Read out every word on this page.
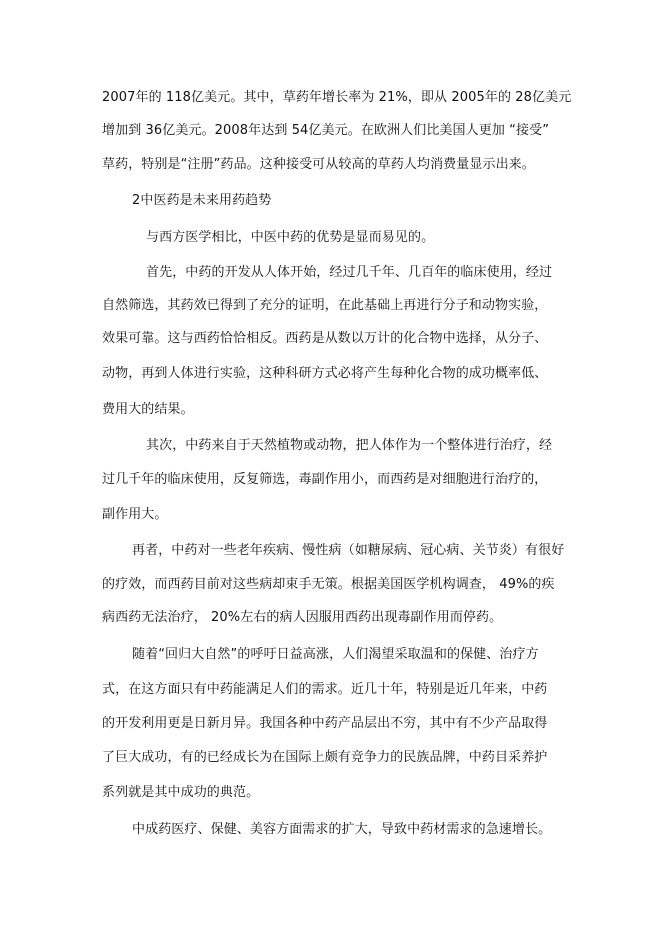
2007年的 118亿美元。其中，草药年增长率为 21%，即从 2005年的 28亿美元
增加到 36亿美元。2008年达到 54亿美元。在欧洲人们比美国人更加 “接受”
草药，特别是“注册”药品。这种接受可从较高的草药人均消费量显示出来。
2中医药是未来用药趋势
与西方医学相比，中医中药的优势是显而易见的。
首先，中药的开发从人体开始，经过几千年、几百年的临床使用，经过
自然筛选，其药效已得到了充分的证明，在此基础上再进行分子和动物实验，
效果可靠。这与西药恰恰相反。西药是从数以万计的化合物中选择，从分子、
动物，再到人体进行实验，这种科研方式必将产生每种化合物的成功概率低、
费用大的结果。
其次，中药来自于天然植物或动物，把人体作为一个整体进行治疗，经
过几千年的临床使用，反复筛选，毒副作用小，而西药是对细胞进行治疗的，
副作用大。
再者，中药对一些老年疾病、慢性病（如糖尿病、冠心病、关节炎）有很好
的疗效，而西药目前对这些病却束手无策。根据美国医学机构调查， 49%的疾
病西药无法治疗， 20%左右的病人因服用西药出现毒副作用而停药。
随着“回归大自然”的呼吁日益高涨，人们渴望采取温和的保健、治疗方
式，在这方面只有中药能满足人们的需求。近几十年，特别是近几年来，中药
的开发利用更是日新月异。我国各种中药产品层出不穷，其中有不少产品取得
了巨大成功，有的已经成长为在国际上颇有竞争力的民族品牌，中药目采养护
系列就是其中成功的典范。
中成药医疗、保健、美容方面需求的扩大，导致中药材需求的急速增长。
